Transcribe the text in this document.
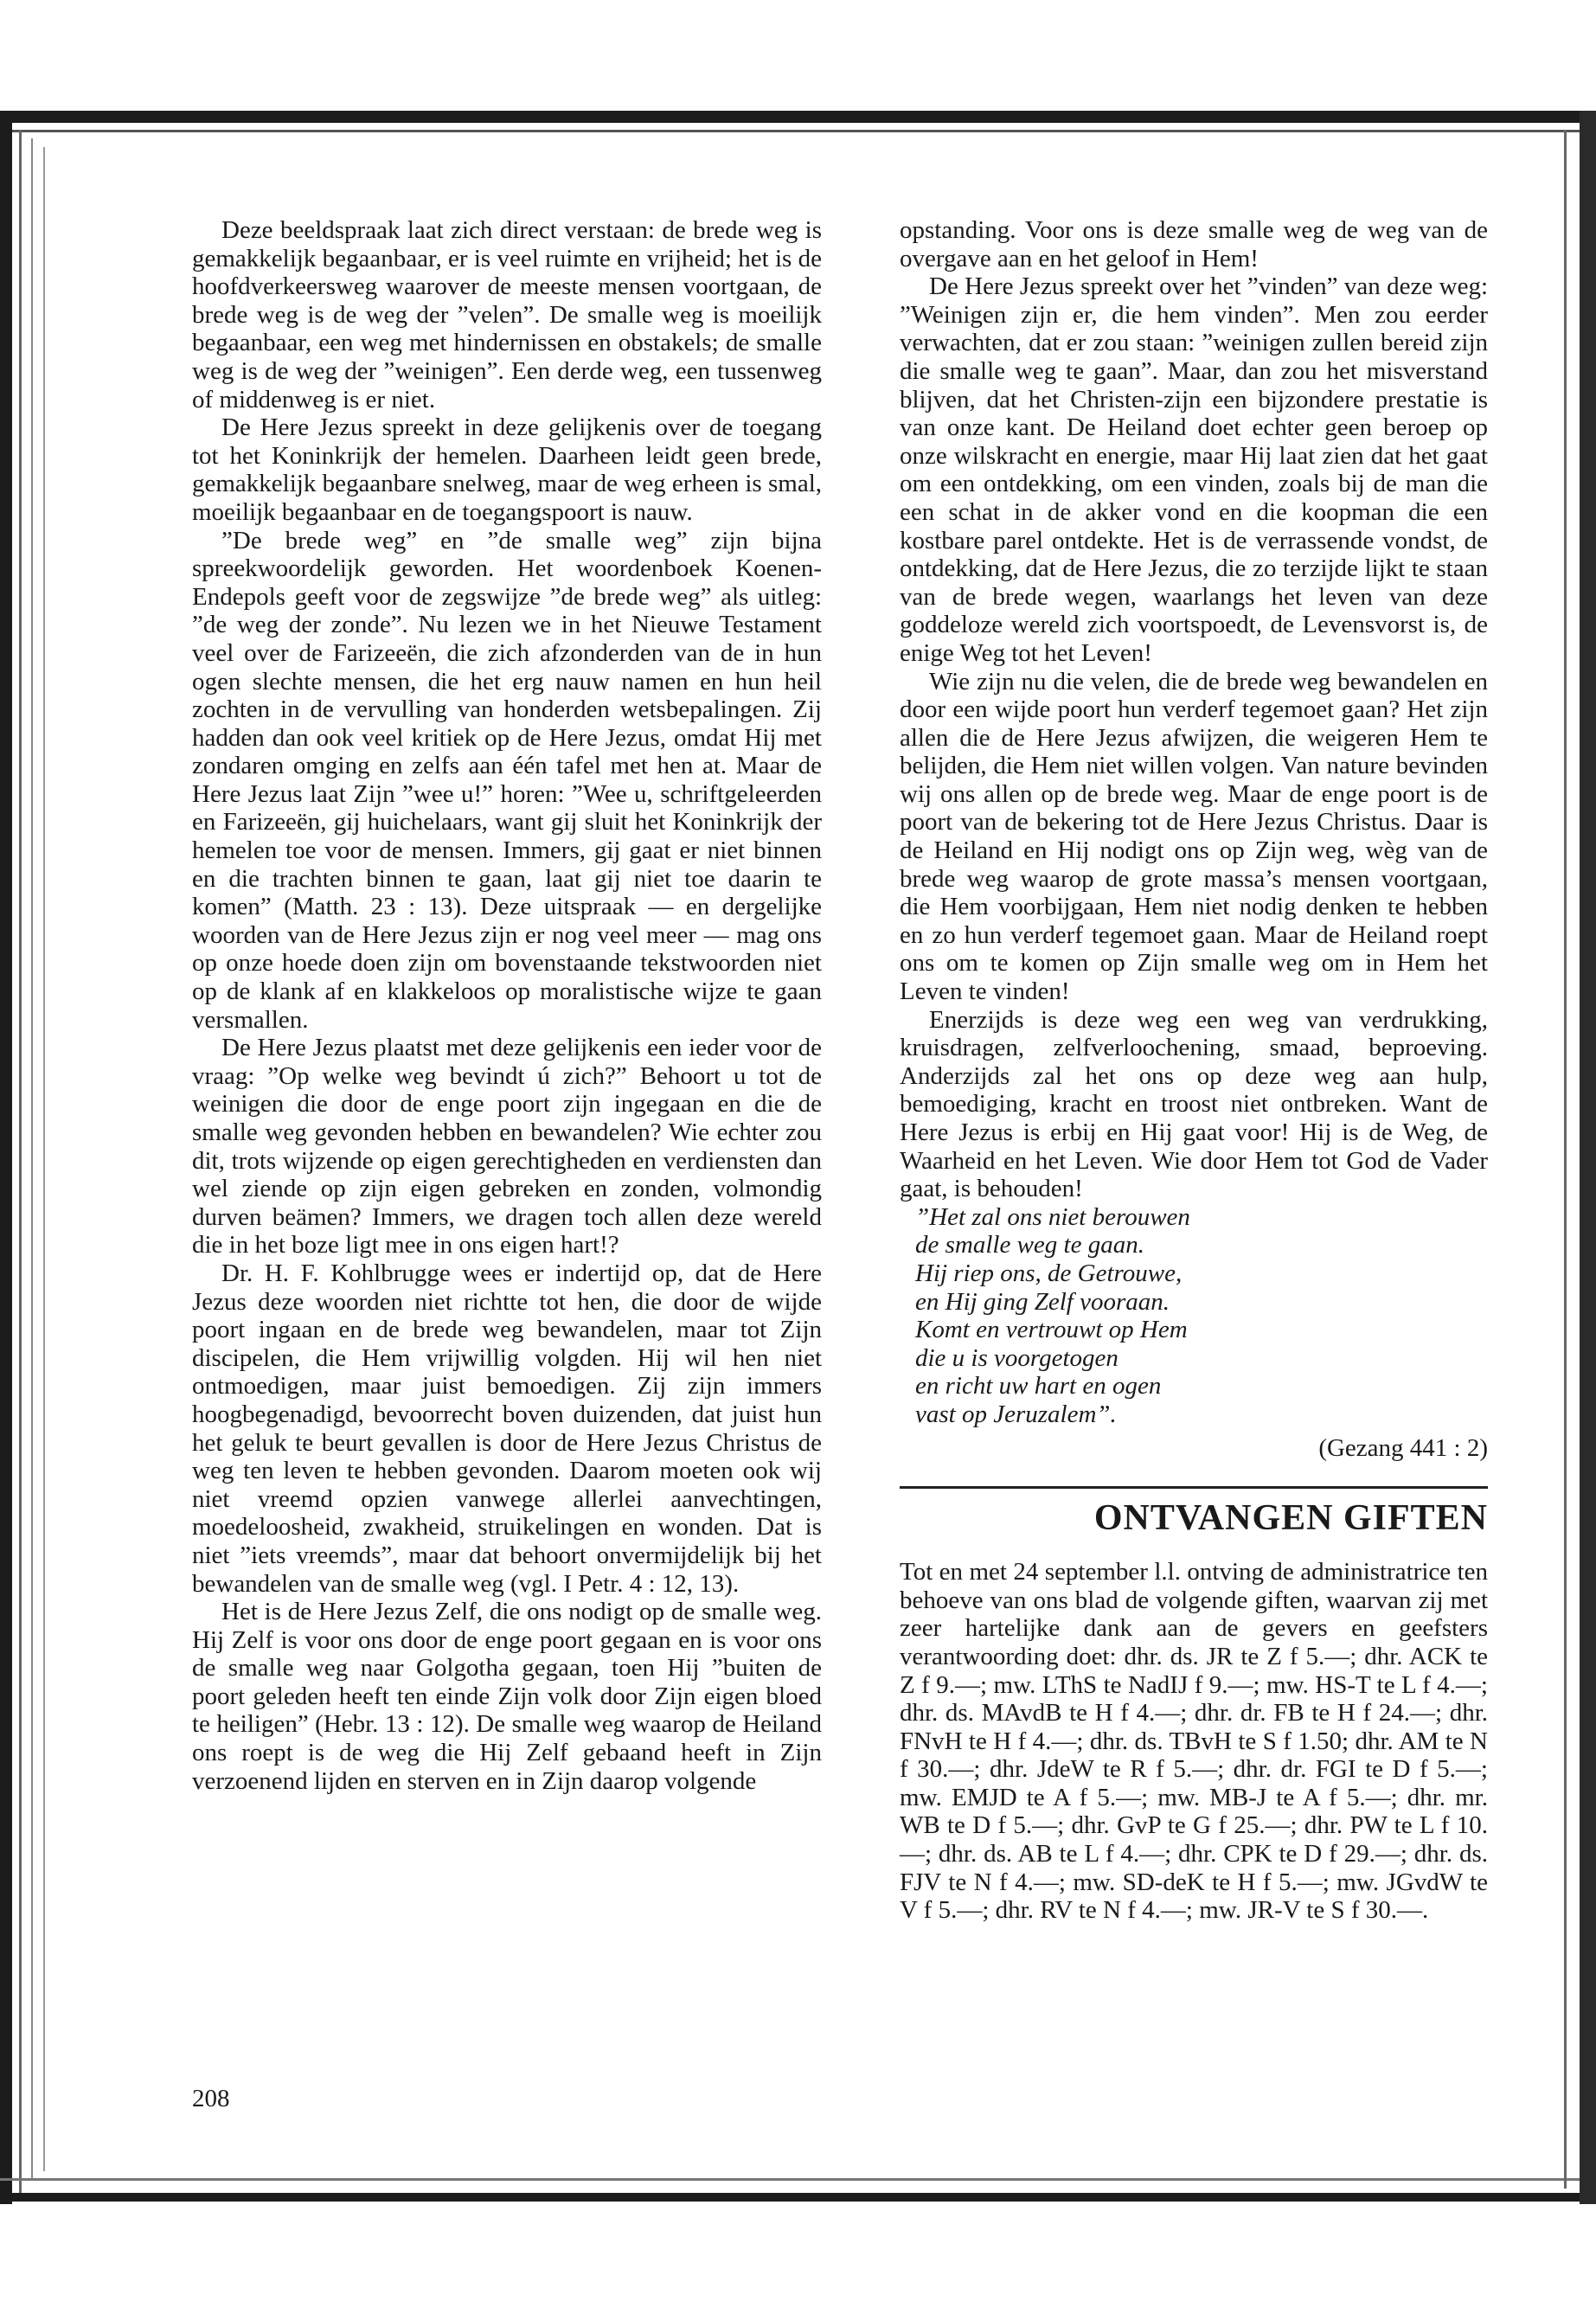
Deze beeldspraak laat zich direct verstaan: de brede weg is gemakkelijk begaanbaar, er is veel ruimte en vrijheid; het is de hoofdverkeersweg waarover de meeste mensen voortgaan, de brede weg is de weg der ”velen”. De smalle weg is moeilijk begaanbaar, een weg met hindernissen en obstakels; de smalle weg is de weg der ”weinigen”. Een derde weg, een tussenweg of middenweg is er niet.

De Here Jezus spreekt in deze gelijkenis over de toegang tot het Koninkrijk der hemelen. Daarheen leidt geen brede, gemakkelijk begaanbare snelweg, maar de weg erheen is smal, moeilijk begaanbaar en de toegangspoort is nauw.

”De brede weg” en ”de smalle weg” zijn bijna spreekwoordelijk geworden. Het woordenboek Koenen-Endepols geeft voor de zegswijze ”de brede weg” als uitleg: ”de weg der zonde”. Nu lezen we in het Nieuwe Testament veel over de Farizeeën, die zich afzonderden van de in hun ogen slechte mensen, die het erg nauw namen en hun heil zochten in de vervulling van honderden wetsbepalingen. Zij hadden dan ook veel kritiek op de Here Jezus, omdat Hij met zondaren omging en zelfs aan één tafel met hen at. Maar de Here Jezus laat Zijn ”wee u!” horen: ”Wee u, schriftgeleerden en Farizeeën, gij huichelaars, want gij sluit het Koninkrijk der hemelen toe voor de mensen. Immers, gij gaat er niet binnen en die trachten binnen te gaan, laat gij niet toe daarin te komen” (Matth. 23 : 13). Deze uitspraak — en dergelijke woorden van de Here Jezus zijn er nog veel meer — mag ons op onze hoede doen zijn om bovenstaande tekstwoorden niet op de klank af en klakkeloos op moralistische wijze te gaan versmallen.

De Here Jezus plaatst met deze gelijkenis een ieder voor de vraag: ”Op welke weg bevindt ú zich?” Behoort u tot de weinigen die door de enge poort zijn ingegaan en die de smalle weg gevonden hebben en bewandelen? Wie echter zou dit, trots wijzende op eigen gerechtigheden en verdiensten dan wel ziende op zijn eigen gebreken en zonden, volmondig durven beämen? Immers, we dragen toch allen deze wereld die in het boze ligt mee in ons eigen hart!?

Dr. H. F. Kohlbrugge wees er indertijd op, dat de Here Jezus deze woorden niet richtte tot hen, die door de wijde poort ingaan en de brede weg bewandelen, maar tot Zijn discipelen, die Hem vrijwillig volgden. Hij wil hen niet ontmoedigen, maar juist bemoedigen. Zij zijn immers hoogbegenadigd, bevoorrecht boven duizenden, dat juist hun het geluk te beurt gevallen is door de Here Jezus Christus de weg ten leven te hebben gevonden. Daarom moeten ook wij niet vreemd opzien vanwege allerlei aanvechtingen, moedeloosheid, zwakheid, struikelingen en wonden. Dat is niet ”iets vreemds”, maar dat behoort onvermijdelijk bij het bewandelen van de smalle weg (vgl. I Petr. 4 : 12, 13).

Het is de Here Jezus Zelf, die ons nodigt op de smalle weg. Hij Zelf is voor ons door de enge poort gegaan en is voor ons de smalle weg naar Golgotha gegaan, toen Hij ”buiten de poort geleden heeft ten einde Zijn volk door Zijn eigen bloed te heiligen” (Hebr. 13 : 12). De smalle weg waarop de Heiland ons roept is de weg die Hij Zelf gebaand heeft in Zijn verzoenend lijden en sterven en in Zijn daarop volgende

208

opstanding. Voor ons is deze smalle weg de weg van de overgave aan en het geloof in Hem!

De Here Jezus spreekt over het ”vinden” van deze weg: ”Weinigen zijn er, die hem vinden”. Men zou eerder verwachten, dat er zou staan: ”weinigen zullen bereid zijn die smalle weg te gaan”. Maar, dan zou het misverstand blijven, dat het Christen-zijn een bijzondere prestatie is van onze kant. De Heiland doet echter geen beroep op onze wilskracht en energie, maar Hij laat zien dat het gaat om een ontdekking, om een vinden, zoals bij de man die een schat in de akker vond en die koopman die een kostbare parel ontdekte. Het is de verrassende vondst, de ontdekking, dat de Here Jezus, die zo terzijde lijkt te staan van de brede wegen, waarlangs het leven van deze goddeloze wereld zich voortspoedt, de Levensvorst is, de enige Weg tot het Leven!

Wie zijn nu die velen, die de brede weg bewandelen en door een wijde poort hun verderf tegemoet gaan? Het zijn allen die de Here Jezus afwijzen, die weigeren Hem te belijden, die Hem niet willen volgen. Van nature bevinden wij ons allen op de brede weg. Maar de enge poort is de poort van de bekering tot de Here Jezus Christus. Daar is de Heiland en Hij nodigt ons op Zijn weg, wèg van de brede weg waarop de grote massa’s mensen voortgaan, die Hem voorbijgaan, Hem niet nodig denken te hebben en zo hun verderf tegemoet gaan. Maar de Heiland roept ons om te komen op Zijn smalle weg om in Hem het Leven te vinden!

Enerzijds is deze weg een weg van verdrukking, kruisdragen, zelfverloochening, smaad, beproeving. Anderzijds zal het ons op deze weg aan hulp, bemoediging, kracht en troost niet ontbreken. Want de Here Jezus is erbij en Hij gaat voor! Hij is de Weg, de Waarheid en het Leven. Wie door Hem tot God de Vader gaat, is behouden!

”Het zal ons niet berouwen
de smalle weg te gaan.
Hij riep ons, de Getrouwe,
en Hij ging Zelf vooraan.
Komt en vertrouwt op Hem
die u is voorgetogen
en richt uw hart en ogen
vast op Jeruzalem”.
(Gezang 441 : 2)
ONTVANGEN GIFTEN

Tot en met 24 september l.l. ontving de administratrice ten behoeve van ons blad de volgende giften, waarvan zij met zeer hartelijke dank aan de gevers en geefsters verantwoording doet: dhr. ds. JR te Z f 5.—; dhr. ACK te Z f 9.—; mw. LThS te NadIJ f 9.—; mw. HS-T te L f 4.—; dhr. ds. MAvdB te H f 4.—; dhr. dr. FB te H f 24.—; dhr. FNvH te H f 4.—; dhr. ds. TBvH te S f 1.50; dhr. AM te N f 30.—; dhr. JdeW te R f 5.—; dhr. dr. FGI te D f 5.—; mw. EMJD te A f 5.—; mw. MB-J te A f 5.—; dhr. mr. WB te D f 5.—; dhr. GvP te G f 25.—; dhr. PW te L f 10.—; dhr. ds. AB te L f 4.—; dhr. CPK te D f 29.—; dhr. ds. FJV te N f 4.—; mw. SD-deK te H f 5.—; mw. JGvdW te V f 5.—; dhr. RV te N f 4.—; mw. JR-V te S f 30.—.
